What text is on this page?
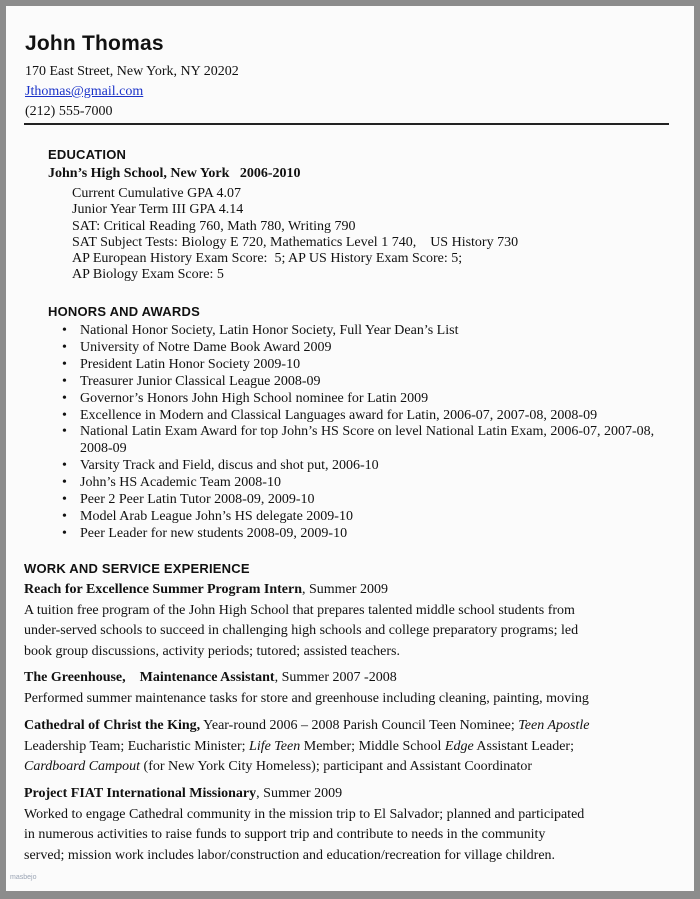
John Thomas
170 East Street, New York, NY 20202
Jthomas@gmail.com
(212) 555-7000
EDUCATION
John’s High School, New York   2006-2010
Current Cumulative GPA 4.07
Junior Year Term III GPA 4.14
SAT: Critical Reading 760, Math 780, Writing 790
SAT Subject Tests: Biology E 720, Mathematics Level 1 740,    US History 730
AP European History Exam Score:  5; AP US History Exam Score: 5;
AP Biology Exam Score: 5
HONORS AND AWARDS
• National Honor Society, Latin Honor Society, Full Year Dean’s List
• University of Notre Dame Book Award 2009
• President Latin Honor Society 2009-10
• Treasurer Junior Classical League 2008-09
• Governor’s Honors John High School nominee for Latin 2009
• Excellence in Modern and Classical Languages award for Latin, 2006-07, 2007-08, 2008-09
• National Latin Exam Award for top John’s HS Score on level National Latin Exam, 2006-07, 2007-08, 2008-09
• Varsity Track and Field, discus and shot put, 2006-10
• John’s HS Academic Team 2008-10
• Peer 2 Peer Latin Tutor 2008-09, 2009-10
• Model Arab League John’s HS delegate 2009-10
• Peer Leader for new students 2008-09, 2009-10
WORK AND SERVICE EXPERIENCE
Reach for Excellence Summer Program Intern, Summer 2009
A tuition free program of the John High School that prepares talented middle school students from
under-served schools to succeed in challenging high schools and college preparatory programs; led
book group discussions, activity periods; tutored; assisted teachers.
The Greenhouse,    Maintenance Assistant, Summer 2007 -2008
Performed summer maintenance tasks for store and greenhouse including cleaning, painting, moving
Cathedral of Christ the King, Year-round 2006 – 2008 Parish Council Teen Nominee; Teen Apostle
Leadership Team; Eucharistic Minister; Life Teen Member; Middle School Edge Assistant Leader;
Cardboard Campout (for New York City Homeless); participant and Assistant Coordinator
Project FIAT International Missionary, Summer 2009
Worked to engage Cathedral community in the mission trip to El Salvador; planned and participated
in numerous activities to raise funds to support trip and contribute to needs in the community
served; mission work includes labor/construction and education/recreation for village children.
masbejo
